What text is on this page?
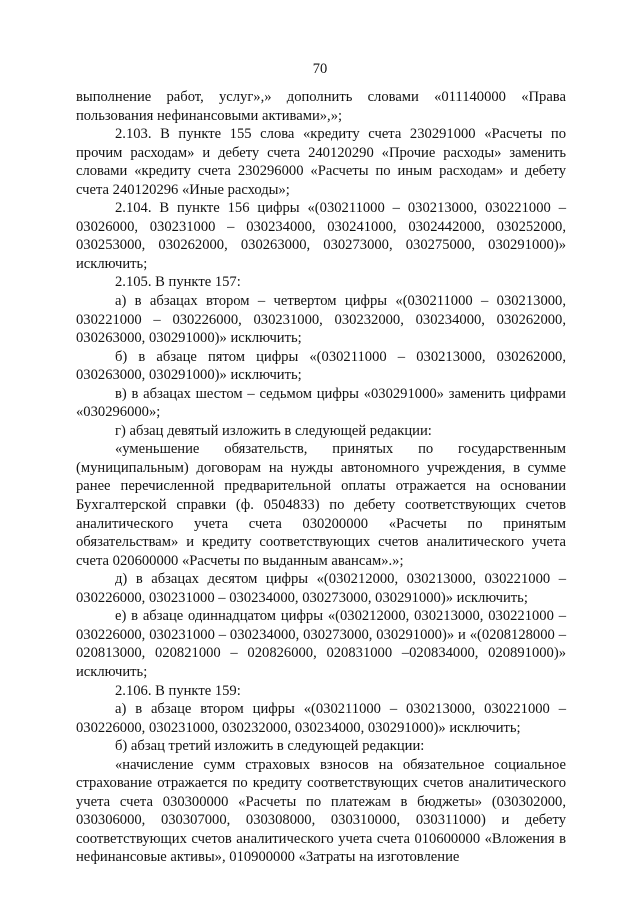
70

выполнение работ, услуг»,» дополнить словами «011140000 «Права пользования нефинансовыми активами»,»;

2.103. В пункте 155 слова «кредиту счета 230291000 «Расчеты по прочим расходам» и дебету счета 240120290 «Прочие расходы» заменить словами «кредиту счета 230296000 «Расчеты по иным расходам» и дебету счета 240120296 «Иные расходы»;

2.104. В пункте 156 цифры «(030211000 – 030213000, 030221000 – 03026000, 030231000 – 030234000, 030241000, 0302442000, 030252000, 030253000, 030262000, 030263000, 030273000, 030275000, 030291000)» исключить;

2.105. В пункте 157:

а) в абзацах втором – четвертом цифры «(030211000 – 030213000, 030221000 – 030226000, 030231000, 030232000, 030234000, 030262000, 030263000, 030291000)» исключить;

б) в абзаце пятом цифры «(030211000 – 030213000, 030262000, 030263000, 030291000)» исключить;

в) в абзацах шестом – седьмом цифры «030291000» заменить цифрами «030296000»;

г) абзац девятый изложить в следующей редакции:

«уменьшение обязательств, принятых по государственным (муниципальным) договорам на нужды автономного учреждения, в сумме ранее перечисленной предварительной оплаты отражается на основании Бухгалтерской справки (ф. 0504833) по дебету соответствующих счетов аналитического учета счета 030200000 «Расчеты по принятым обязательствам» и кредиту соответствующих счетов аналитического учета счета 020600000 «Расчеты по выданным авансам».»;

д) в абзацах десятом цифры «(030212000, 030213000, 030221000 – 030226000, 030231000 – 030234000, 030273000, 030291000)» исключить;

е) в абзаце одиннадцатом цифры «(030212000, 030213000, 030221000 – 030226000, 030231000 – 030234000, 030273000, 030291000)» и «(0208128000 – 020813000, 020821000 – 020826000, 020831000 –020834000, 020891000)» исключить;

2.106. В пункте 159:

а) в абзаце втором цифры «(030211000 – 030213000, 030221000 – 030226000, 030231000, 030232000, 030234000, 030291000)» исключить;

б) абзац третий изложить в следующей редакции:

«начисление сумм страховых взносов на обязательное социальное страхование отражается по кредиту соответствующих счетов аналитического учета счета 030300000 «Расчеты по платежам в бюджеты» (030302000, 030306000, 030307000, 030308000, 030310000, 030311000) и дебету соответствующих счетов аналитического учета счета 010600000 «Вложения в нефинансовые активы», 010900000 «Затраты на изготовление
